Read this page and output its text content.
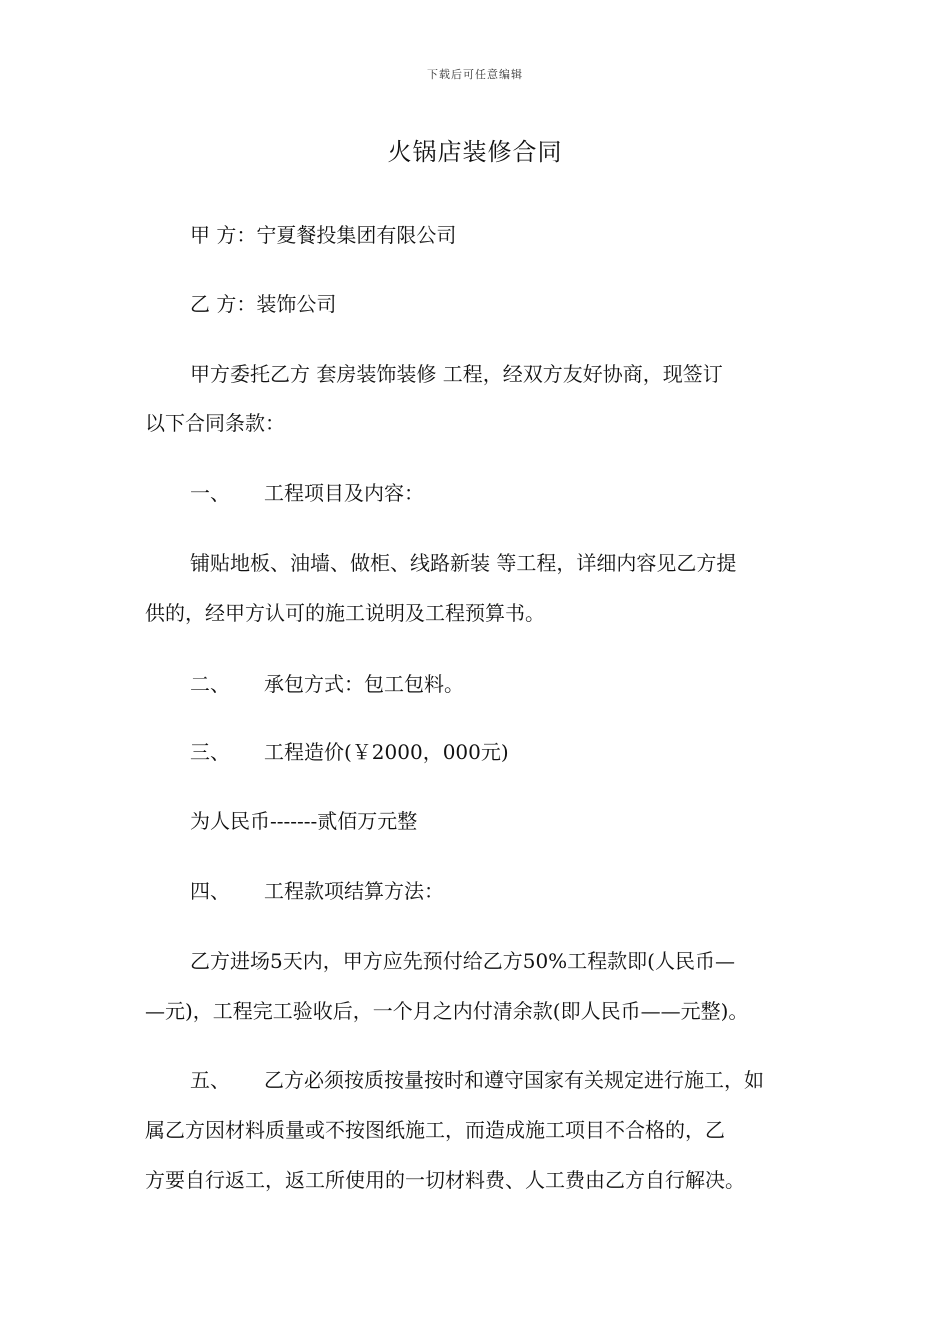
下载后可任意编辑
火锅店装修合同
甲 方：宁夏餐投集团有限公司
乙 方：装饰公司
甲方委托乙方 套房装饰装修 工程，经双方友好协商，现签订
以下合同条款：
一、 工程项目及内容：
铺贴地板、油墙、做柜、线路新装 等工程，详细内容见乙方提
供的，经甲方认可的施工说明及工程预算书。
二、 承包方式：包工包料。
三、 工程造价(￥2000，000元)
为人民币-------贰佰万元整
四、 工程款项结算方法：
乙方进场5天内，甲方应先预付给乙方50%工程款即(人民币—
—元)，工程完工验收后，一个月之内付清余款(即人民币——元整)。
五、 乙方必须按质按量按时和遵守国家有关规定进行施工，如
属乙方因材料质量或不按图纸施工，而造成施工项目不合格的，乙
方要自行返工，返工所使用的一切材料费、人工费由乙方自行解决。
